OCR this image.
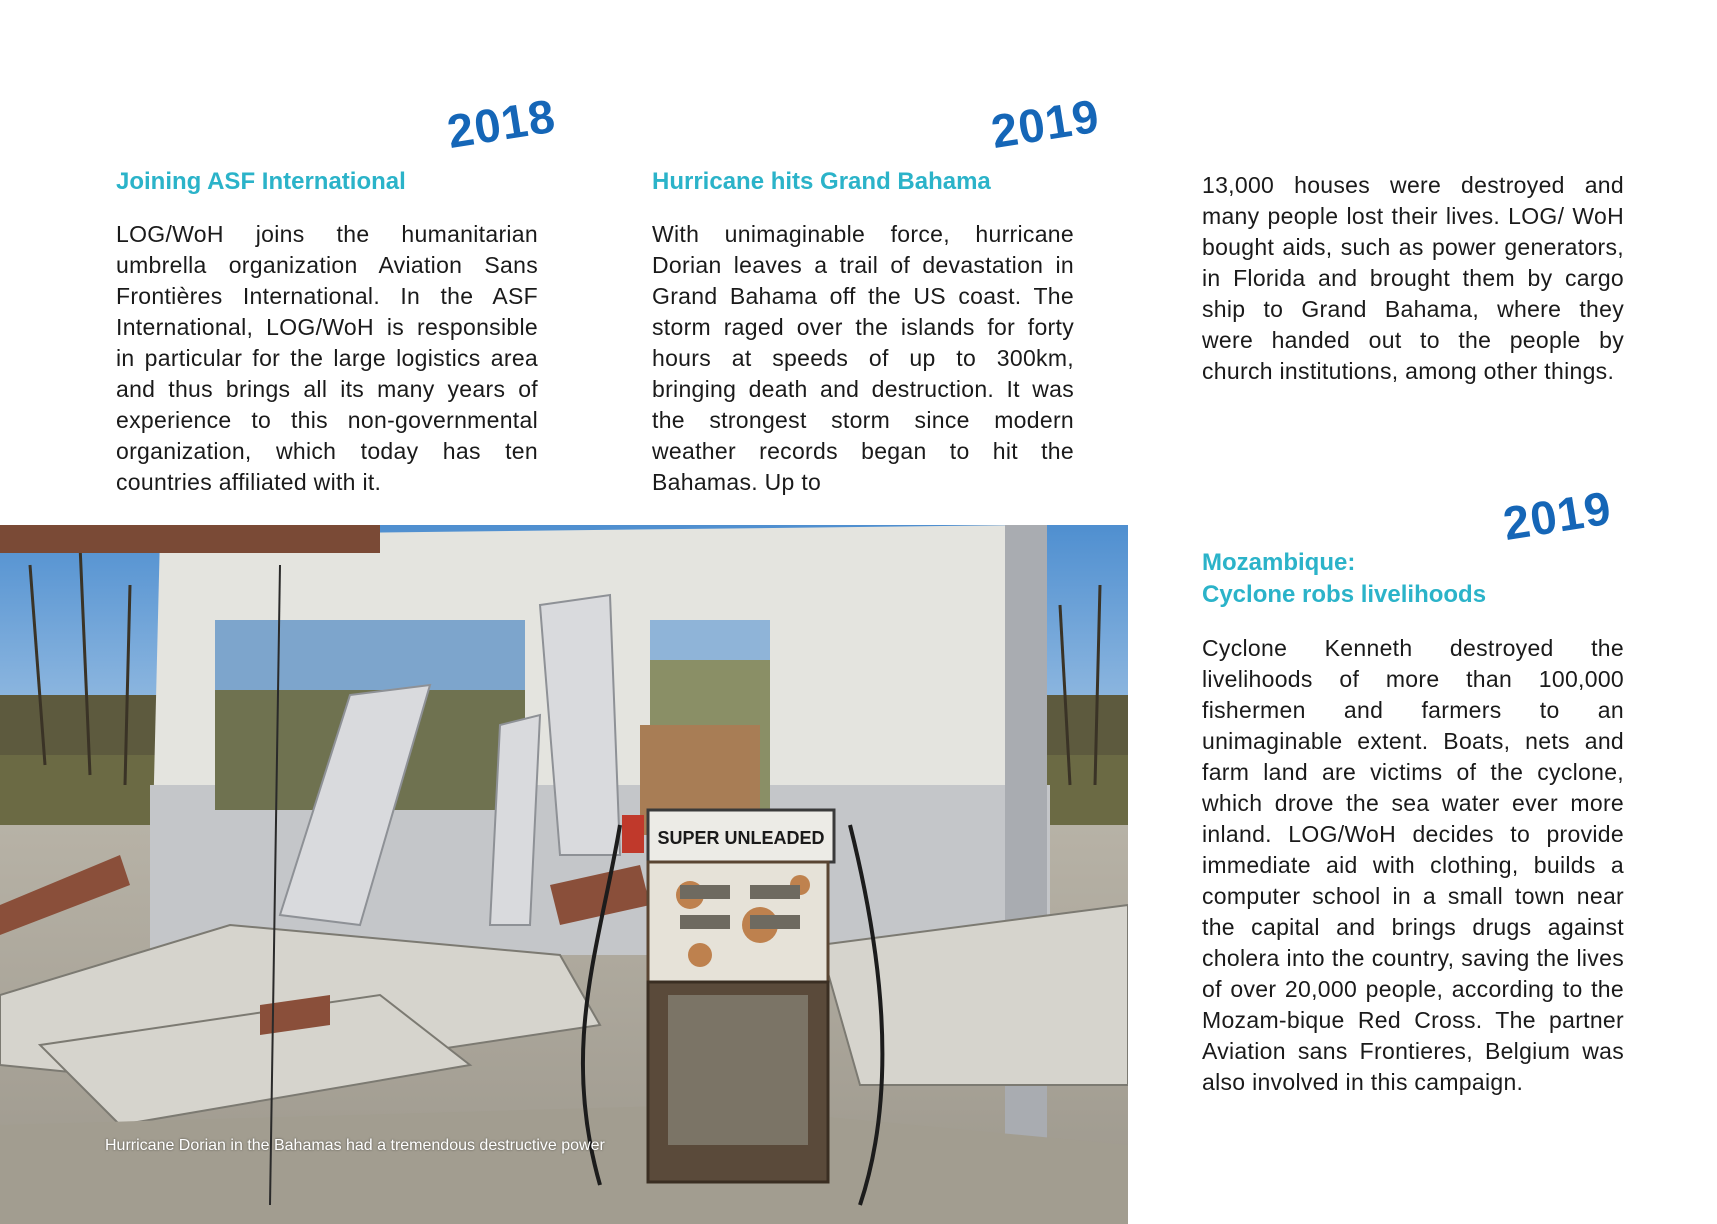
2018
Joining ASF International
LOG/WoH joins the humanitarian umbrella organization Aviation Sans Frontières International. In the ASF International, LOG/WoH is responsible in particular for the large logistics area and thus brings all its many years of experience to this non-governmental organization, which today has ten countries affiliated with it.
2019
Hurricane hits Grand Bahama
With unimaginable force, hurricane Dorian leaves a trail of devastation in Grand Bahama off the US coast. The storm raged over the islands for forty hours at speeds of up to 300km, bringing death and destruction. It was the strongest storm since modern weather records began to hit the Bahamas. Up to
13,000 houses were destroyed and many people lost their lives. LOG/ WoH bought aids, such as power generators, in Florida and brought them by cargo ship to Grand Bahama, where they were handed out to the people by church institutions, among other things.
2019
Mozambique:
Cyclone robs livelihoods
Cyclone Kenneth destroyed the livelihoods of more than 100,000 fishermen and farmers to an unimaginable extent. Boats, nets and farm land are victims of the cyclone, which drove the sea water ever more inland. LOG/WoH decides to provide immediate aid with clothing, builds a computer school in a small town near the capital and brings drugs against cholera into the country, saving the lives of over 20,000 people, according to the Mozam-bique Red Cross. The partner Aviation sans Frontieres, Belgium was also involved in this campaign.
SUPER UNLEADED
Hurricane Dorian in the Bahamas had a tremendous destructive power
